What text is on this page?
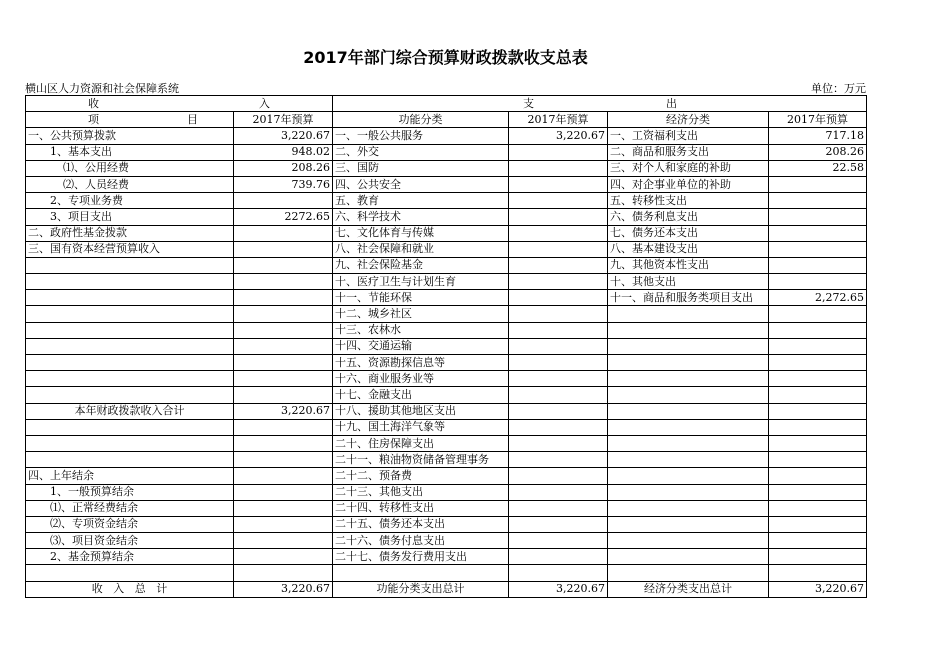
2017年部门综合预算财政拨款收支总表
横山区人力资源和社会保障系统	单位：万元
收 入		支 出			
项 目	2017年预算	功能分类	2017年预算	经济分类	2017年预算
一、公共预算拨款	3,220.67	一、一般公共服务	3,220.67	一、工资福利支出	717.18
1、基本支出	948.02	二、外交		二、商品和服务支出	208.26
⑴、公用经费	208.26	三、国防		三、对个人和家庭的补助	22.58
⑵、人员经费	739.76	四、公共安全		四、对企事业单位的补助	
2、专项业务费		五、教育		五、转移性支出	
3、项目支出	2272.65	六、科学技术		六、债务利息支出	
二、政府性基金拨款		七、文化体育与传媒		七、债务还本支出	
三、国有资本经营预算收入		八、社会保障和就业		八、基本建设支出	
		九、社会保险基金		九、其他资本性支出	
		十、医疗卫生与计划生育		十、其他支出	
		十一、节能环保		十一、商品和服务类项目支出	2,272.65
		十二、城乡社区			
		十三、农林水			
		十四、交通运输			
		十五、资源勘探信息等			
		十六、商业服务业等			
		十七、金融支出			
本年财政拨款收入合计	3,220.67	十八、援助其他地区支出			
		十九、国土海洋气象等			
		二十、住房保障支出			
		二十一、粮油物资储备管理事务			
四、上年结余		二十二、预备费			
1、一般预算结余		二十三、其他支出			
⑴、正常经费结余		二十四、转移性支出			
⑵、专项资金结余		二十五、债务还本支出			
⑶、项目资金结余		二十六、债务付息支出			
2、基金预算结余		二十七、债务发行费用支出			

收 入 总 计	3,220.67	功能分类支出总计	3,220.67	经济分类支出总计	3,220.67
